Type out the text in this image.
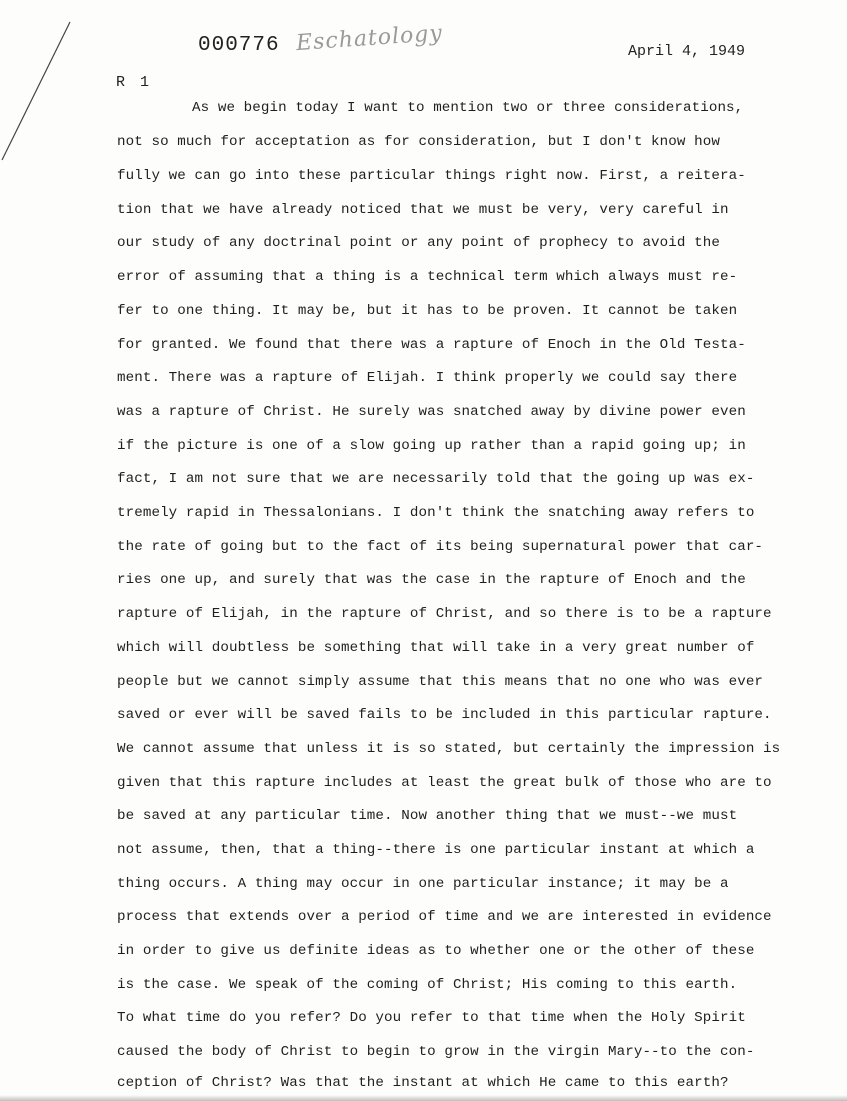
000776 Eschatology	April 4, 1949
R 1
As we begin today I want to mention two or three considerations,
not so much for acceptation as for consideration, but I don't know how
fully we can go into these particular things right now. First, a reitera-
tion that we have already noticed that we must be very, very careful in
our study of any doctrinal point or any point of prophecy to avoid the
error of assuming that a thing is a technical term which always must re-
fer to one thing. It may be, but it has to be proven. It cannot be taken
for granted. We found that there was a rapture of Enoch in the Old Testa-
ment. There was a rapture of Elijah. I think properly we could say there
was a rapture of Christ. He surely was snatched away by divine power even
if the picture is one of a slow going up rather than a rapid going up; in
fact, I am not sure that we are necessarily told that the going up was ex-
tremely rapid in Thessalonians. I don't think the snatching away refers to
the rate of going but to the fact of its being supernatural power that car-
ries one up, and surely that was the case in the rapture of Enoch and the
rapture of Elijah, in the rapture of Christ, and so there is to be a rapture
which will doubtless be something that will take in a very great number of
people but we cannot simply assume that this means that no one who was ever
saved or ever will be saved fails to be included in this particular rapture.
We cannot assume that unless it is so stated, but certainly the impression is
given that this rapture includes at least the great bulk of those who are to
be saved at any particular time. Now another thing that we must--we must
not assume, then, that a thing--there is one particular instant at which a
thing occurs. A thing may occur in one particular instance; it may be a
process that extends over a period of time and we are interested in evidence
in order to give us definite ideas as to whether one or the other of these
is the case. We speak of the coming of Christ; His coming to this earth.
To what time do you refer? Do you refer to that time when the Holy Spirit
caused the body of Christ to begin to grow in the virgin Mary--to the con-
ception of Christ? Was that the instant at which He came to this earth?
